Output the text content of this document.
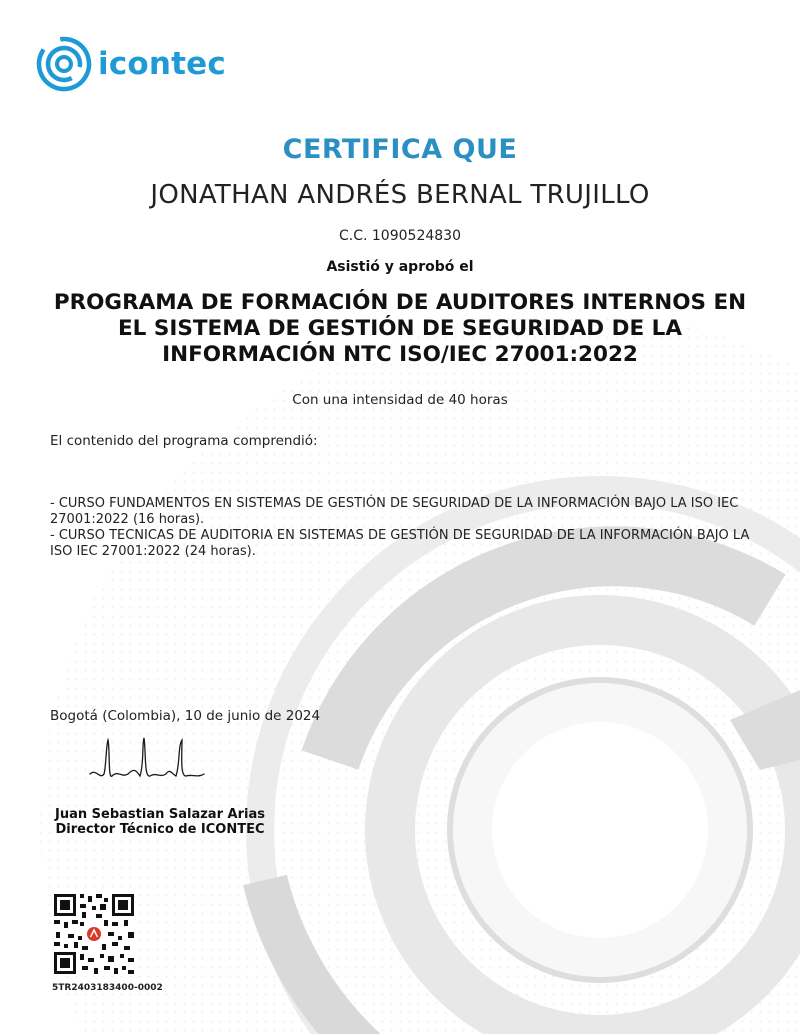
icontec
CERTIFICA QUE
JONATHAN ANDRÉS BERNAL TRUJILLO
C.C. 1090524830
Asistió y aprobó el
PROGRAMA DE FORMACIÓN DE AUDITORES INTERNOS EN
EL SISTEMA DE GESTIÓN DE SEGURIDAD DE LA
INFORMACIÓN NTC ISO/IEC 27001:2022
Con una intensidad de 40 horas
El contenido del programa comprendió:
- CURSO FUNDAMENTOS EN SISTEMAS DE GESTIÓN DE SEGURIDAD DE LA INFORMACIÓN BAJO LA ISO IEC 27001:2022 (16 horas).
- CURSO TECNICAS DE AUDITORIA EN SISTEMAS DE GESTIÓN DE SEGURIDAD DE LA INFORMACIÓN BAJO LA ISO IEC 27001:2022 (24 horas).
Bogotá (Colombia), 10 de junio de 2024
Juan Sebastian Salazar Arias
Director Técnico de ICONTEC
5TR2403183400-0002
